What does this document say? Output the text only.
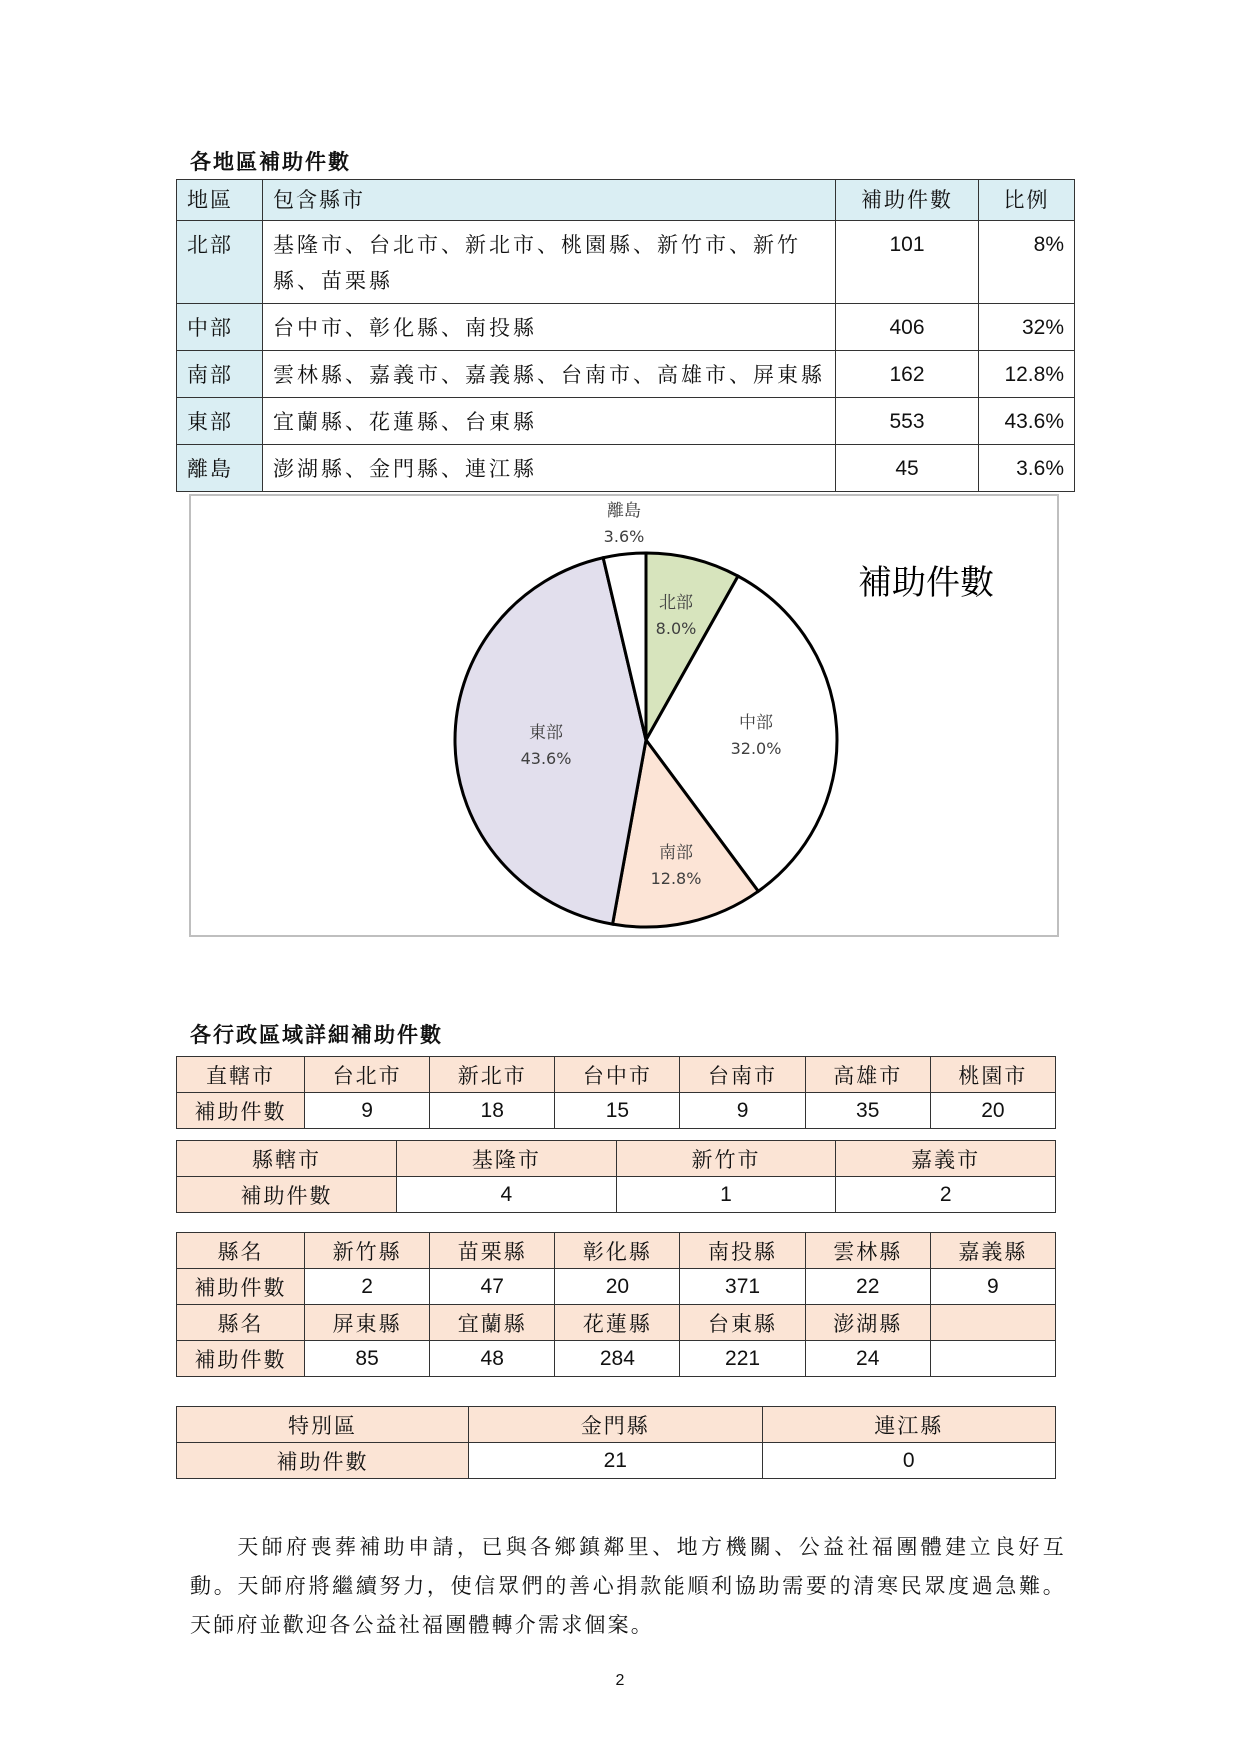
各地區補助件數
地區	包含縣市	補助件數	比例
北部	基隆市、台北市、新北市、桃園縣、新竹市、新竹縣、苗栗縣	101	8%
中部	台中市、彰化縣、南投縣	406	32%
南部	雲林縣、嘉義市、嘉義縣、台南市、高雄市、屏東縣	162	12.8%
東部	宜蘭縣、花蓮縣、台東縣	553	43.6%
離島	澎湖縣、金門縣、連江縣	45	3.6%
北部
8.0%
中部
32.0%
南部
12.8%
東部
43.6%
離島
3.6%
補助件數
各行政區域詳細補助件數
直轄市	台北市	新北市	台中市	台南市	高雄市	桃園市
補助件數	9	18	15	9	35	20
縣轄市	基隆市	新竹市	嘉義市
補助件數	4	1	2
縣名	新竹縣	苗栗縣	彰化縣	南投縣	雲林縣	嘉義縣
補助件數	2	47	20	371	22	9
縣名	屏東縣	宜蘭縣	花蓮縣	台東縣	澎湖縣	
補助件數	85	48	284	221	24	
特別區	金門縣	連江縣
補助件數	21	0

天師府喪葬補助申請，已與各鄉鎮鄰里、地方機關、公益社福團體建立良好互動。天師府將繼續努力，使信眾們的善心捐款能順利協助需要的清寒民眾度過急難。天師府並歡迎各公益社福團體轉介需求個案。

2
